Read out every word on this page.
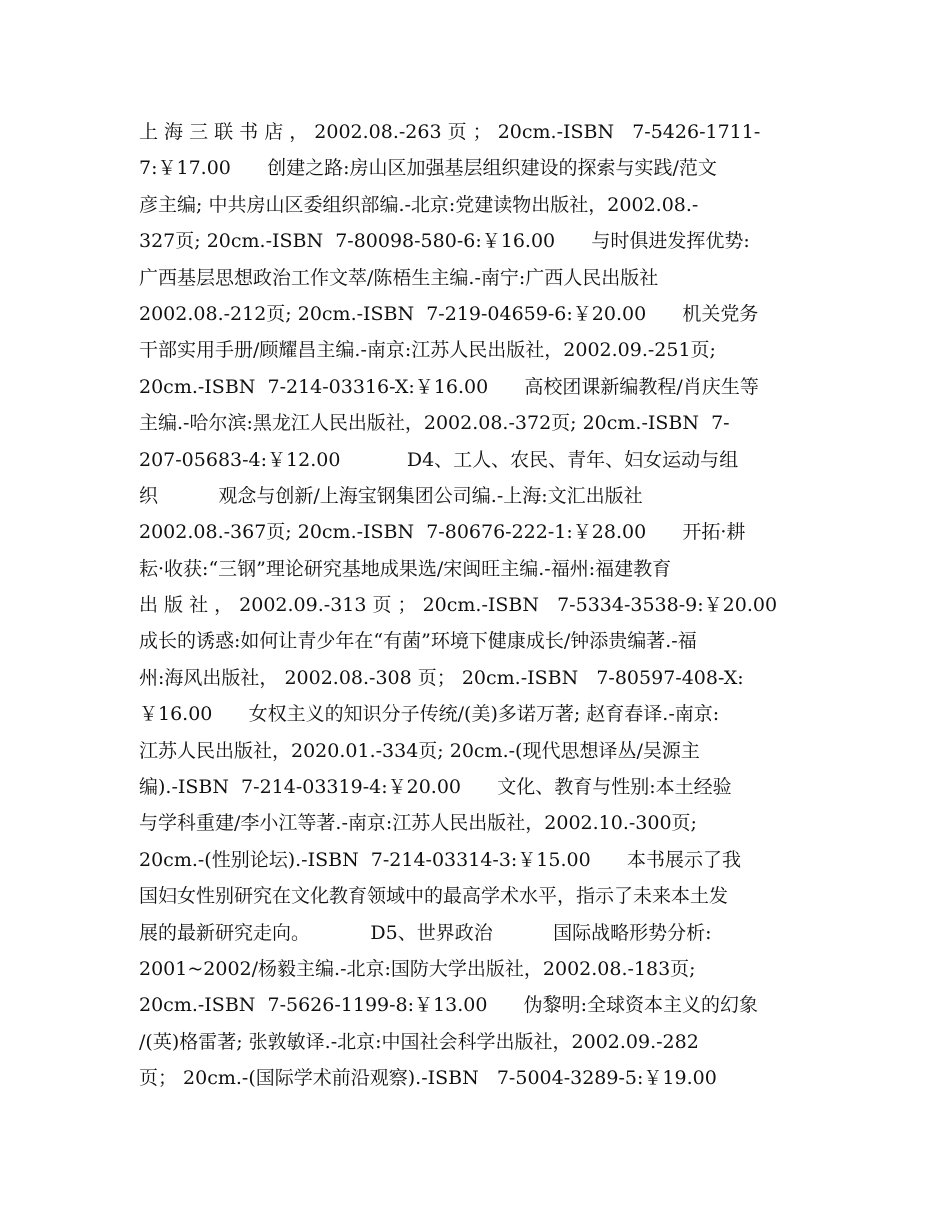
上 海 三 联 书 店 ， 2002.08.-263 页 ； 20cm.-ISBN   7-5426-1711-
7:￥17.00      创建之路:房山区加强基层组织建设的探索与实践/范文
彦主编; 中共房山区委组织部编.-北京:党建读物出版社，2002.08.-
327页; 20cm.-ISBN  7-80098-580-6:￥16.00      与时俱进发挥优势:
广西基层思想政治工作文萃/陈梧生主编.-南宁:广西人民出版社
2002.08.-212页; 20cm.-ISBN  7-219-04659-6:￥20.00      机关党务
干部实用手册/顾耀昌主编.-南京:江苏人民出版社，2002.09.-251页;
20cm.-ISBN  7-214-03316-X:￥16.00      高校团课新编教程/肖庆生等
主编.-哈尔滨:黑龙江人民出版社，2002.08.-372页; 20cm.-ISBN  7-
207-05683-4:￥12.00           D4、工人、农民、青年、妇女运动与组
织          观念与创新/上海宝钢集团公司编.-上海:文汇出版社
2002.08.-367页; 20cm.-ISBN  7-80676-222-1:￥28.00      开拓·耕
耘·收获:“三钢”理论研究基地成果选/宋闽旺主编.-福州:福建教育
出 版 社 ， 2002.09.-313 页 ； 20cm.-ISBN   7-5334-3538-9:￥20.00
成长的诱惑:如何让青少年在“有菌”环境下健康成长/钟添贵编著.-福
州:海风出版社， 2002.08.-308 页； 20cm.-ISBN   7-80597-408-X:
￥16.00      女权主义的知识分子传统/(美)多诺万著; 赵育春译.-南京:
江苏人民出版社，2020.01.-334页; 20cm.-(现代思想译丛/吴源主
编).-ISBN  7-214-03319-4:￥20.00      文化、教育与性别:本土经验
与学科重建/李小江等著.-南京:江苏人民出版社，2002.10.-300页;
20cm.-(性别论坛).-ISBN  7-214-03314-3:￥15.00      本书展示了我
国妇女性别研究在文化教育领域中的最高学术水平，指示了未来本土发
展的最新研究走向。          D5、世界政治          国际战略形势分析:
2001~2002/杨毅主编.-北京:国防大学出版社，2002.08.-183页;
20cm.-ISBN  7-5626-1199-8:￥13.00      伪黎明:全球资本主义的幻象
/(英)格雷著; 张敦敏译.-北京:中国社会科学出版社，2002.09.-282
页； 20cm.-(国际学术前沿观察).-ISBN   7-5004-3289-5:￥19.00
